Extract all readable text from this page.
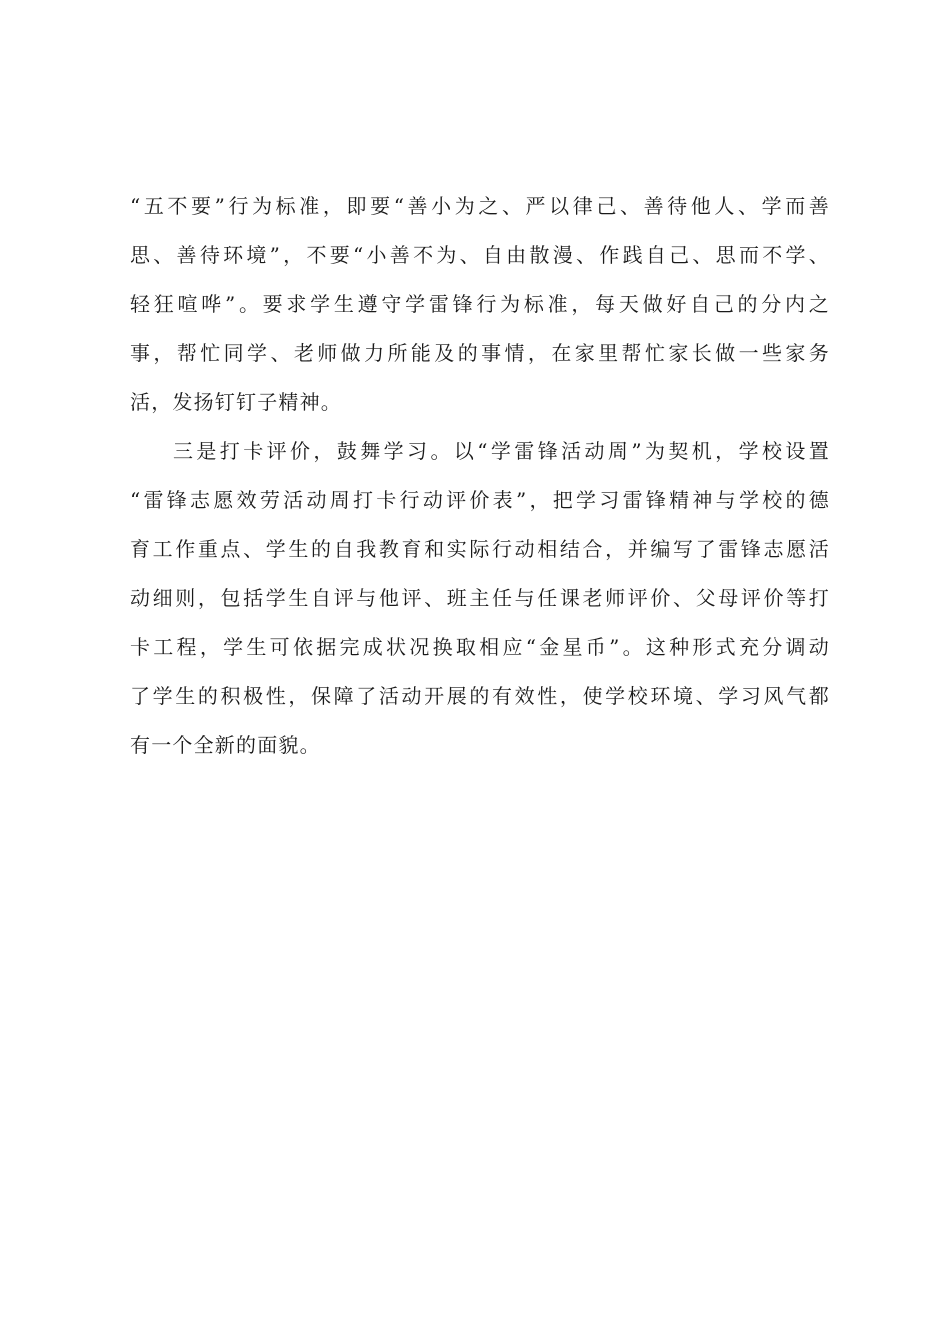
“五不要”行为标准，即要“善小为之、严以律己、善待他人、学而善
思、善待环境”，不要“小善不为、自由散漫、作践自己、思而不学、
轻狂喧哗”。要求学生遵守学雷锋行为标准，每天做好自己的分内之
事，帮忙同学、老师做力所能及的事情，在家里帮忙家长做一些家务
活，发扬钉钉子精神。
三是打卡评价，鼓舞学习。以“学雷锋活动周”为契机，学校设置
“雷锋志愿效劳活动周打卡行动评价表”，把学习雷锋精神与学校的德
育工作重点、学生的自我教育和实际行动相结合，并编写了雷锋志愿活
动细则，包括学生自评与他评、班主任与任课老师评价、父母评价等打
卡工程，学生可依据完成状况换取相应“金星币”。这种形式充分调动
了学生的积极性，保障了活动开展的有效性，使学校环境、学习风气都
有一个全新的面貌。
